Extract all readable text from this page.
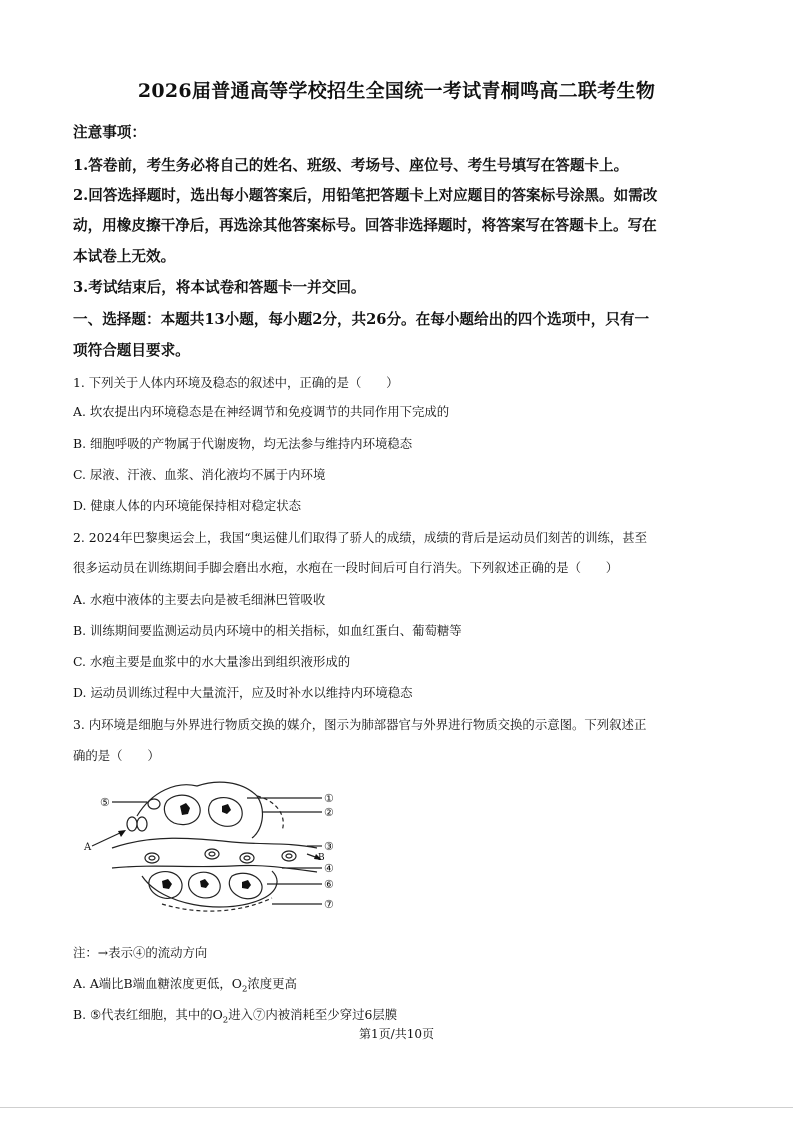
2026届普通高等学校招生全国统一考试青桐鸣高二联考生物
注意事项：
1.答卷前，考生务必将自己的姓名、班级、考场号、座位号、考生号填写在答题卡上。
2.回答选择题时，选出每小题答案后，用铅笔把答题卡上对应题目的答案标号涂黑。如需改
动，用橡皮擦干净后，再选涂其他答案标号。回答非选择题时，将答案写在答题卡上。写在
本试卷上无效。
3.考试结束后，将本试卷和答题卡一并交回。
一、选择题：本题共13小题，每小题2分，共26分。在每小题给出的四个选项中，只有一
项符合题目要求。
1. 下列关于人体内环境及稳态的叙述中，正确的是（　　）
A. 坎农提出内环境稳态是在神经调节和免疫调节的共同作用下完成的
B. 细胞呼吸的产物属于代谢废物，均无法参与维持内环境稳态
C. 尿液、汗液、血浆、消化液均不属于内环境
D. 健康人体的内环境能保持相对稳定状态
2. 2024年巴黎奥运会上，我国“奥运健儿们取得了骄人的成绩，成绩的背后是运动员们刻苦的训练，甚至
很多运动员在训练期间手脚会磨出水疱，水疱在一段时间后可自行消失。下列叙述正确的是（　　）
A. 水疱中液体的主要去向是被毛细淋巴管吸收
B. 训练期间要监测运动员内环境中的相关指标，如血红蛋白、葡萄糖等
C. 水疱主要是血浆中的水大量渗出到组织液形成的
D. 运动员训练过程中大量流汗，应及时补水以维持内环境稳态
3. 内环境是细胞与外界进行物质交换的媒介，图示为肺部器官与外界进行物质交换的示意图。下列叙述正
确的是（　　）
⑤	①
②
③
B
④
⑥
⑦
A
注：→表示④的流动方向
A. A端比B端血糖浓度更低，$O_2$浓度更高
B. ⑤代表红细胞，其中的$O_2$进入⑦内被消耗至少穿过6层膜
第1页/共10页
